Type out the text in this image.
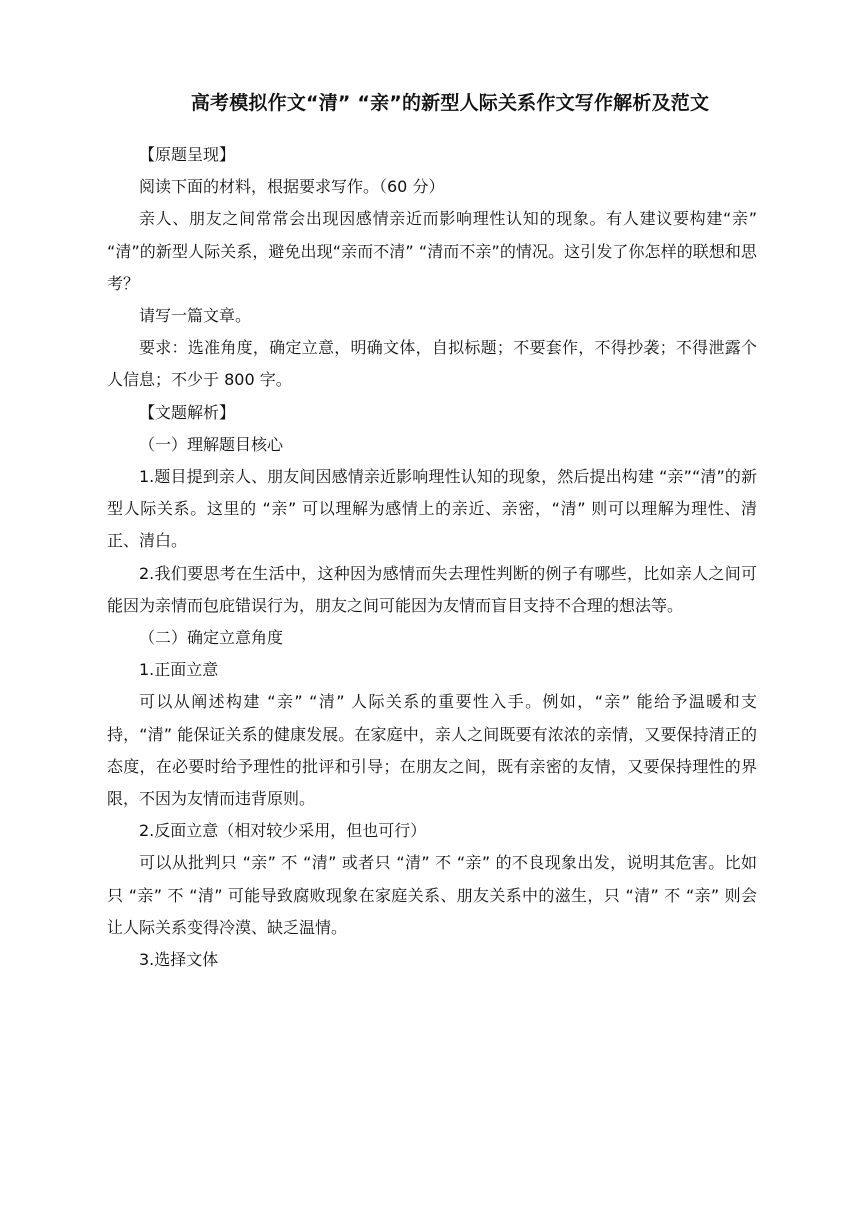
高考模拟作文“清” “亲”的新型人际关系作文写作解析及范文

【原题呈现】

阅读下面的材料，根据要求写作。（60 分）

亲人、朋友之间常常会出现因感情亲近而影响理性认知的现象。有人建议要构建“亲” “清”的新型人际关系，避免出现“亲而不清” “清而不亲”的情况。这引发了你怎样的联想和思考？

请写一篇文章。

要求：选准角度，确定立意，明确文体，自拟标题；不要套作，不得抄袭；不得泄露个人信息；不少于 800 字。

【文题解析】

（一）理解题目核心

1.题目提到亲人、朋友间因感情亲近影响理性认知的现象，然后提出构建 “亲”“清”的新型人际关系。这里的 “亲” 可以理解为感情上的亲近、亲密，“清” 则可以理解为理性、清正、清白。

2.我们要思考在生活中，这种因为感情而失去理性判断的例子有哪些，比如亲人之间可能因为亲情而包庇错误行为，朋友之间可能因为友情而盲目支持不合理的想法等。

（二）确定立意角度

1.正面立意

可以从阐述构建 “亲” “清” 人际关系的重要性入手。例如，“亲” 能给予温暖和支持，“清” 能保证关系的健康发展。在家庭中，亲人之间既要有浓浓的亲情，又要保持清正的态度，在必要时给予理性的批评和引导；在朋友之间，既有亲密的友情，又要保持理性的界限，不因为友情而违背原则。

2.反面立意（相对较少采用，但也可行）

可以从批判只 “亲” 不 “清” 或者只 “清” 不 “亲” 的不良现象出发，说明其危害。比如只 “亲” 不 “清” 可能导致腐败现象在家庭关系、朋友关系中的滋生，只 “清” 不 “亲” 则会让人际关系变得冷漠、缺乏温情。

3.选择文体
